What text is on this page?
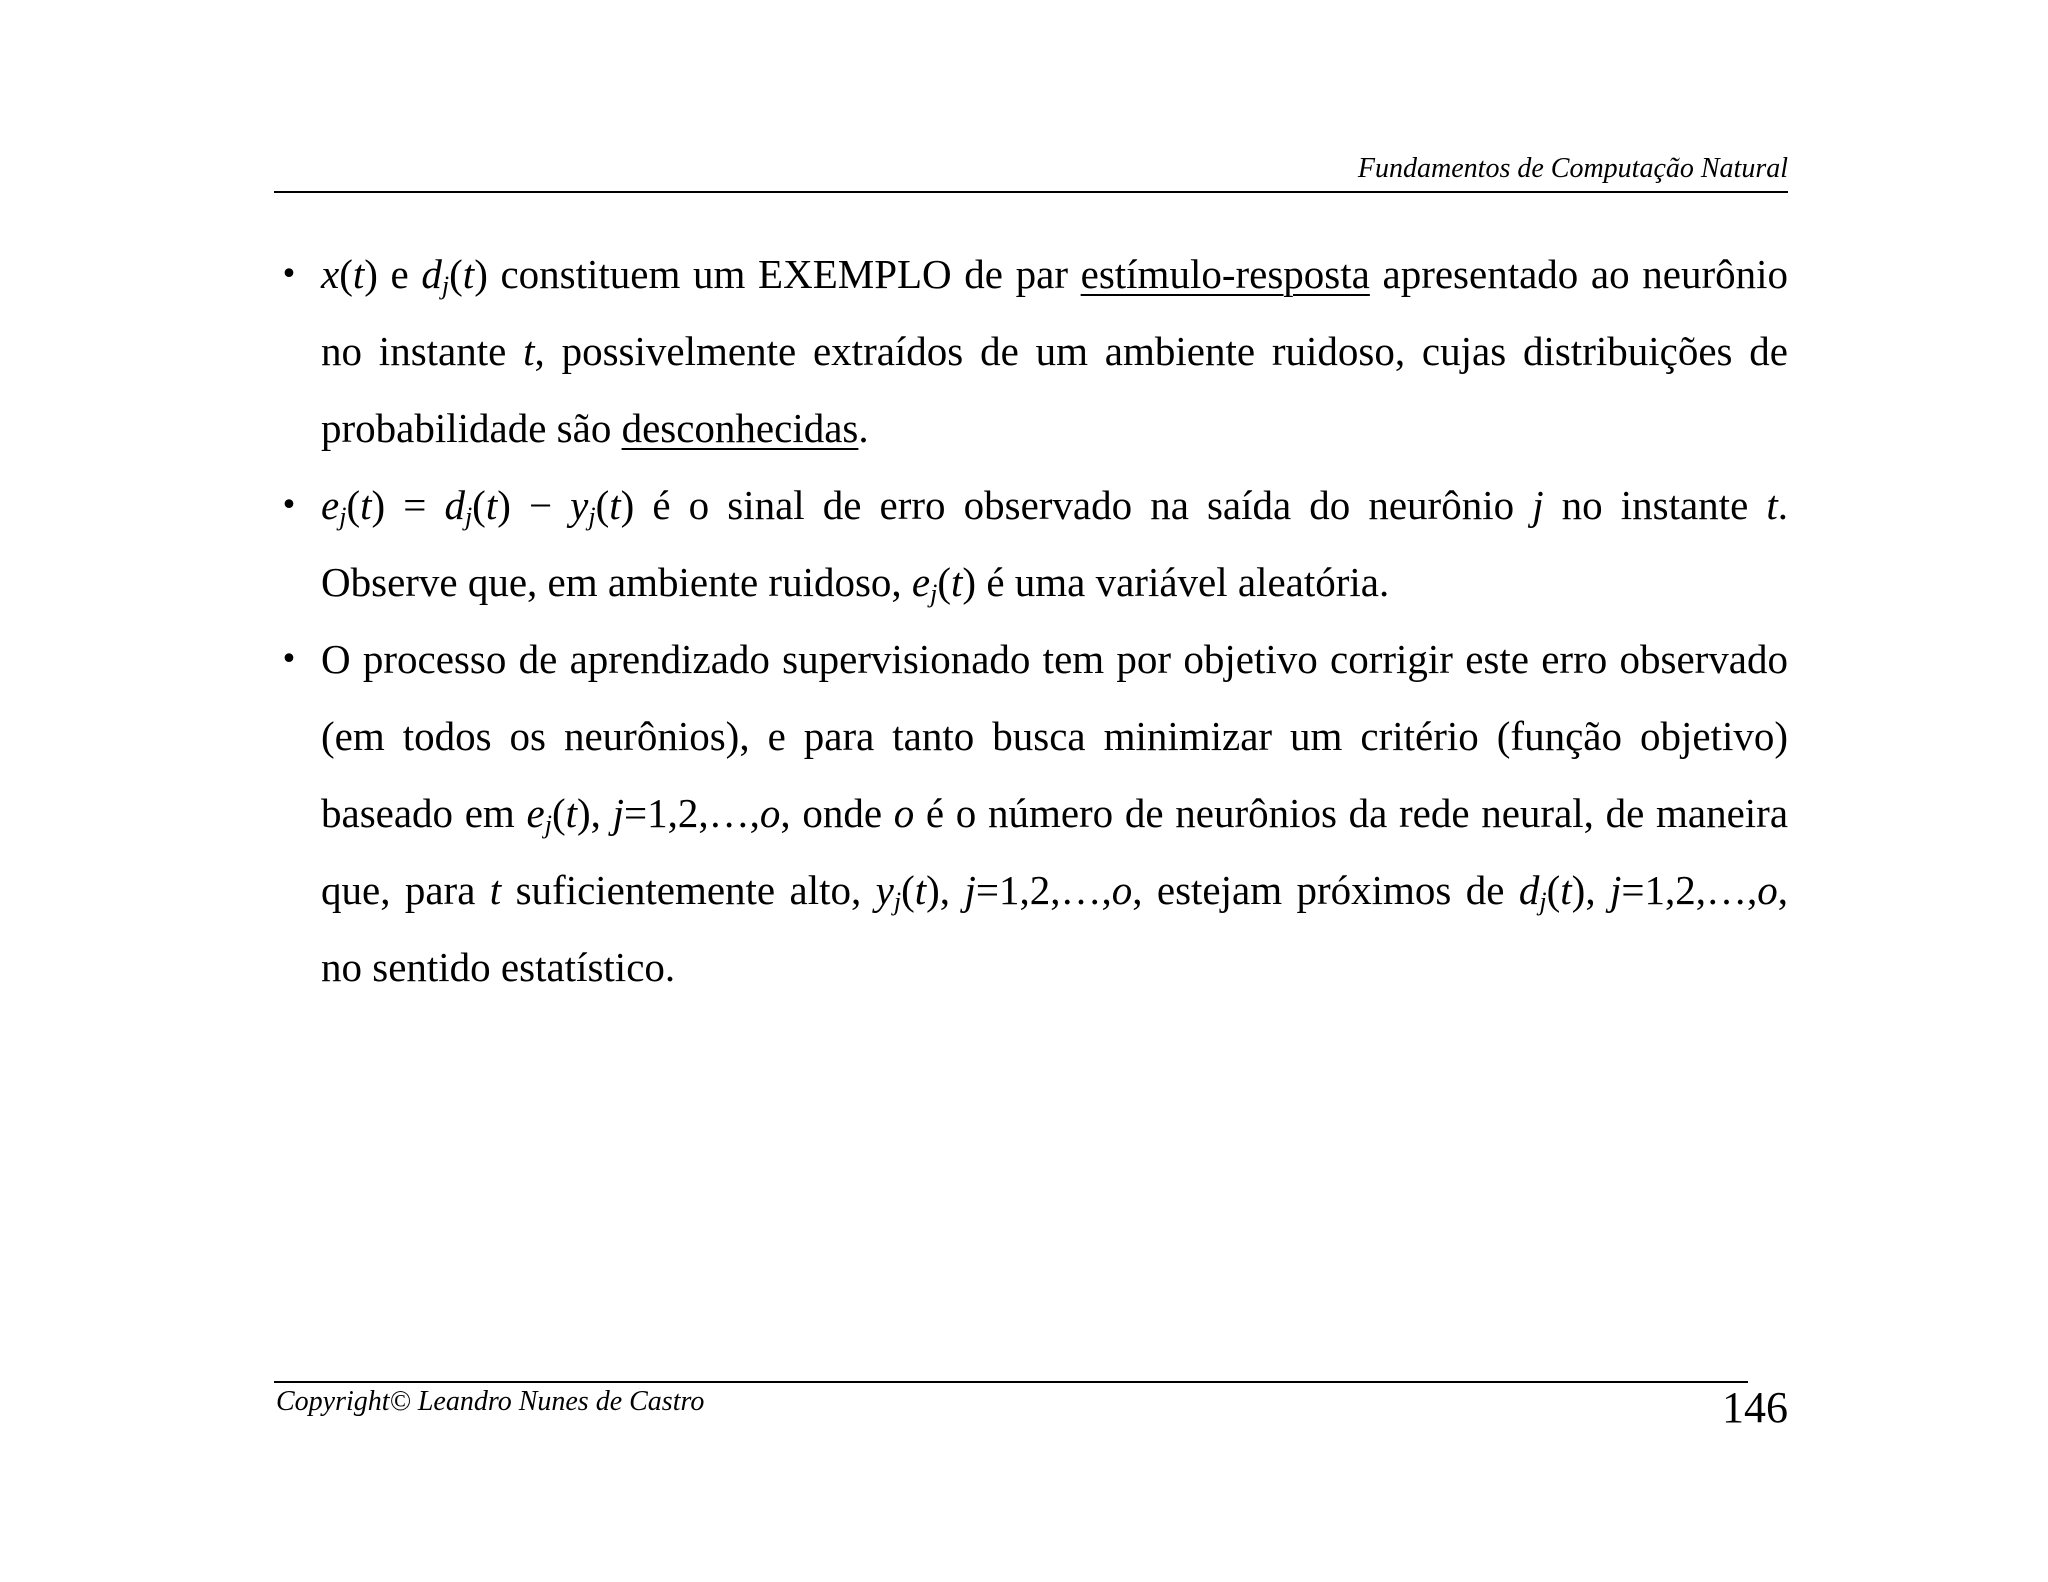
Fundamentos de Computação Natural
• x(t) e $d_j(t)$ constituem um EXEMPLO de par estímulo-resposta apresentado ao neurônio no instante t, possivelmente extraídos de um ambiente ruidoso, cujas distribuições de probabilidade são desconhecidas.
• $e_j(t) = d_j(t) - y_j(t)$ é o sinal de erro observado na saída do neurônio j no instante t. Observe que, em ambiente ruidoso, $e_j(t)$ é uma variável aleatória.
• O processo de aprendizado supervisionado tem por objetivo corrigir este erro observado (em todos os neurônios), e para tanto busca minimizar um critério (função objetivo) baseado em $e_j(t)$, j=1,2,…,o, onde o é o número de neurônios da rede neural, de maneira que, para t suficientemente alto, $y_j(t)$, j=1,2,…,o, estejam próximos de $d_j(t)$, j=1,2,…,o, no sentido estatístico.
Copyright© Leandro Nunes de Castro	146
